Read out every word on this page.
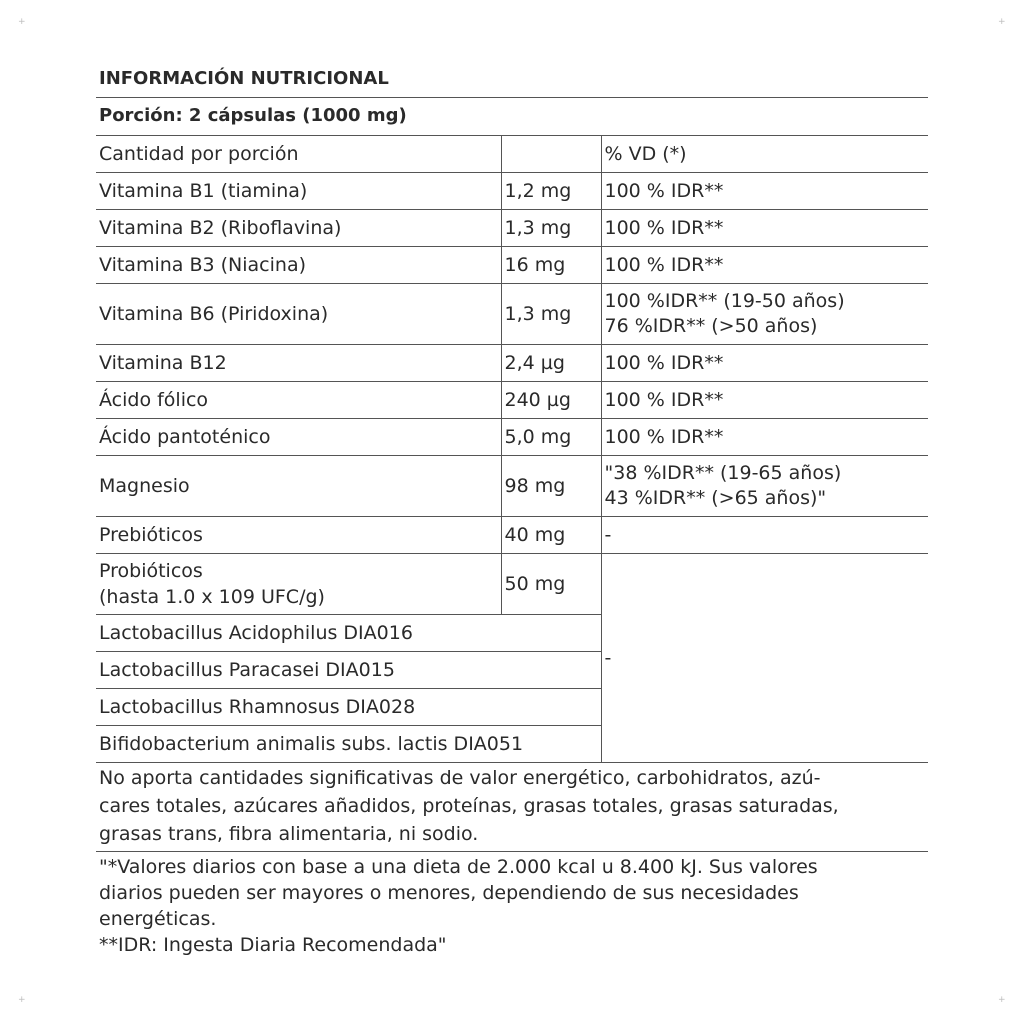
+	+
+	+
INFORMACIÓN NUTRICIONAL
Porción: 2 cápsulas (1000 mg)
Cantidad por porción		% VD (*)
Vitamina B1 (tiamina)	1,2 mg	100 % IDR**
Vitamina B2 (Riboflavina)	1,3 mg	100 % IDR**
Vitamina B3 (Niacina)	16 mg	100 % IDR**
Vitamina B6 (Piridoxina)	1,3 mg	100 %IDR** (19-50 años)
76 %IDR** (>50 años)
Vitamina B12	2,4 µg	100 % IDR**
Ácido fólico	240 µg	100 % IDR**
Ácido pantoténico	5,0 mg	100 % IDR**
Magnesio	98 mg	"38 %IDR** (19-65 años)
43 %IDR** (>65 años)"
Prebióticos	40 mg	-
Probióticos
(hasta 1.0 x 109 UFC/g)	50 mg	-
Lactobacillus Acidophilus DIA016		
Lactobacillus Paracasei DIA015		
Lactobacillus Rhamnosus DIA028		
Bifidobacterium animalis subs. lactis DIA051		
No aporta cantidades significativas de valor energético, carbohidratos, azú-
cares totales, azúcares añadidos, proteínas, grasas totales, grasas saturadas,
grasas trans, fibra alimentaria, ni sodio.
"*Valores diarios con base a una dieta de 2.000 kcal u 8.400 kJ. Sus valores
diarios pueden ser mayores o menores, dependiendo de sus necesidades
energéticas.
**IDR: Ingesta Diaria Recomendada"
